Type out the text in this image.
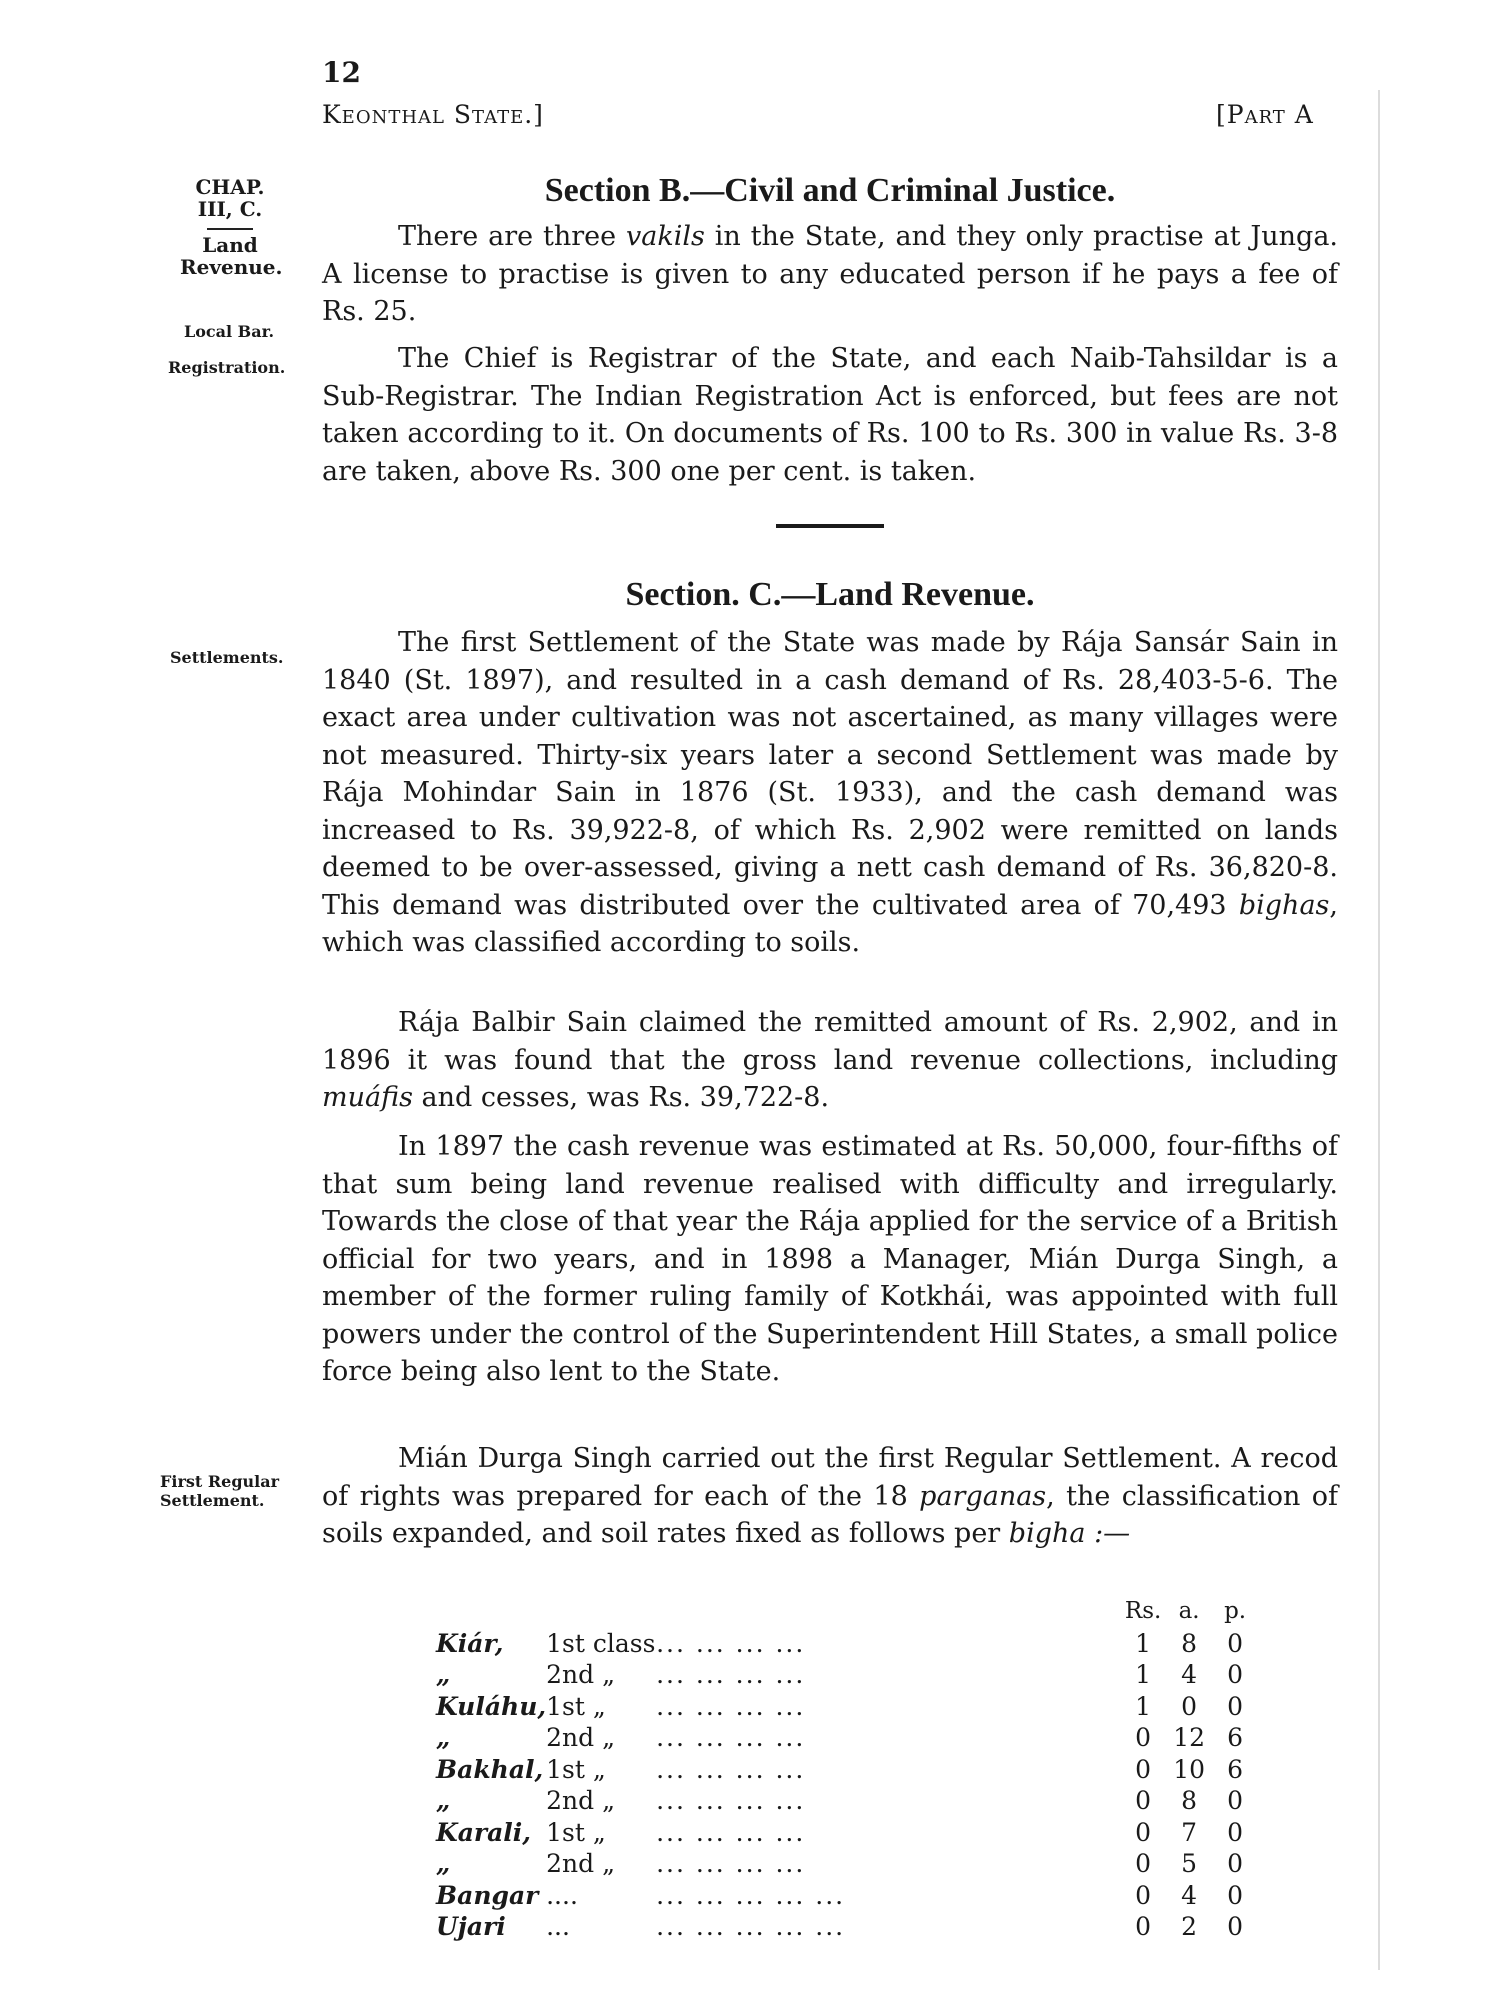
12
Keonthal State.]	[Part A
CHAP.
III, C.
Land
Revenue.
Local Bar.
Registration.
Settlements.
First Regular
Settlement.
Section B.—Civil and Criminal Justice.

There are three vakils in the State, and they only practise at Junga. A license to practise is given to any educated person if he pays a fee of Rs. 25.

The Chief is Registrar of the State, and each Naib-Tahsildar is a Sub-Registrar. The Indian Registration Act is enforced, but fees are not taken according to it. On documents of Rs. 100 to Rs. 300 in value Rs. 3-8 are taken, above Rs. 300 one per cent. is taken.

Section. C.—Land Revenue.

The first Settlement of the State was made by Rája Sansár Sain in 1840 (St. 1897), and resulted in a cash demand of Rs. 28,403-5-6. The exact area under cultivation was not ascertained, as many villages were not measured. Thirty-six years later a second Settlement was made by Rája Mohindar Sain in 1876 (St. 1933), and the cash demand was increased to Rs. 39,922-8, of which Rs. 2,902 were remitted on lands deemed to be over-assessed, giving a nett cash demand of Rs. 36,820-8. This demand was distributed over the cultivated area of 70,493 bighas, which was classified according to soils.

Rája Balbir Sain claimed the remitted amount of Rs. 2,902, and in 1896 it was found that the gross land revenue collections, including muáfis and cesses, was Rs. 39,722-8.

In 1897 the cash revenue was estimated at Rs. 50,000, four-fifths of that sum being land revenue realised with difficulty and irregularly. Towards the close of that year the Rája applied for the service of a British official for two years, and in 1898 a Manager, Mián Durga Singh, a member of the former ruling family of Kotkhái, was appointed with full powers under the control of the Superintendent Hill States, a small police force being also lent to the State.

Mián Durga Singh carried out the first Regular Settlement. A recod of rights was prepared for each of the 18 parganas, the classification of soils expanded, and soil rates fixed as follows per bigha :—

			Rs.	a.	p.
Kiár,	1st class	... ... ... ...	1	8	0
„	2nd „	... ... ... ...	1	4	0
Kuláhu,	1st „	... ... ... ...	1	0	0
„	2nd „	... ... ... ...	0	12	6
Bakhal,	1st „	... ... ... ...	0	10	6
„	2nd „	... ... ... ...	0	8	0
Karali,	1st „	... ... ... ...	0	7	0
„	2nd „	... ... ... ...	0	5	0
Bangar	....	... ... ... ... ...	0	4	0
Ujari	...	... ... ... ... ...	0	2	0
